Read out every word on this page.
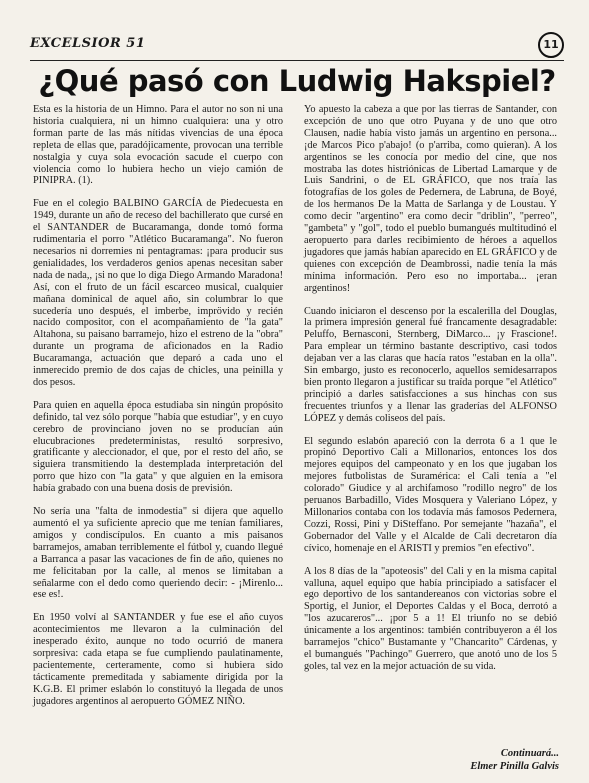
EXCELSIOR 51	11
¿Qué pasó con Ludwig Hakspiel?

Esta es la historia de un Himno. Para el autor no son ni una historia cualquiera, ni un himno cualquiera: una y otro forman parte de las más nítidas vivencias de una época repleta de ellas que, paradójicamente, provocan una terrible nostalgia y cuya sola evocación sacude el cuerpo con violencia como lo hubiera hecho un viejo camión de PINIPRA. (1).

Fue en el colegio BALBINO GARCÍA de Piedecuesta en 1949, durante un año de receso del bachillerato que cursé en el SANTANDER de Bucaramanga, donde tomó forma rudimentaria el porro "Atlético Bucaramanga". No fueron necesarios ni dorremies ni pentagramas: ¡para producir sus genialidades, los verdaderos genios apenas necesitan saber nada de nada,, ¡si no que lo diga Diego Armando Maradona! Así, con el fruto de un fácil escarceo musical, cualquier mañana dominical de aquel año, sin columbrar lo que sucedería uno después, el imberbe, imprövido y recién nacido compositor, con el acompañamiento de "la gata" Altahona, su paisano barramejo, hizo el estreno de la "obra" durante un programa de aficionados en la Radio Bucaramanga, actuación que deparó a cada uno el inmerecido premio de dos cajas de chicles, una peinilla y dos pesos.

Para quien en aquella época estudiaba sin ningún propósito definido, tal vez sólo porque "había que estudiar", y en cuyo cerebro de provinciano joven no se producían aún elucubraciones predeterministas, resultó sorpresivo, gratificante y aleccionador, el que, por el resto del año, se siguiera transmitiendo la destemplada interpretación del porro que hizo con "la gata" y que alguien en la emisora había grabado con una buena dosis de previsión.

No sería una "falta de inmodestia" si dijera que aquello aumentó el ya suficiente aprecio que me tenían familiares, amigos y condiscípulos. En cuanto a mis paisanos barramejos, amaban terriblemente el fútbol y, cuando llegué a Barranca a pasar las vacaciones de fin de año, quienes no me felicitaban por la calle, al menos se limitaban a señalarme con el dedo como queriendo decir: - ¡Mirenlo... ese es!.

En 1950 volví al SANTANDER y fue ese el año cuyos acontecimientos me llevaron a la culminación del inesperado éxito, aunque no todo ocurrió de manera sorpresiva: cada etapa se fue cumpliendo paulatinamente, pacientemente, certeramente, como si hubiera sido tácticamente premeditada y sabiamente dirigida por la K.G.B. El primer eslabón lo constituyó la llegada de unos jugadores argentinos al aeropuerto GÓMEZ NIÑO.

Yo apuesto la cabeza a que por las tierras de Santander, con excepción de uno que otro Puyana y de uno que otro Clausen, nadie había visto jamás un argentino en persona... ¡de Marcos Pico p'abajo! (o p'arriba, como quieran). A los argentinos se les conocía por medio del cine, que nos mostraba las dotes histriónicas de Libertad Lamarque y de Luis Sandrini, o de EL GRÁFICO, que nos traía las fotografías de los goles de Pedernera, de Labruna, de Boyé, de los hermanos De la Matta de Sarlanga y de Loustau. Y como decir "argentino" era como decir "driblin", "perreo", "gambeta" y "gol", todo el pueblo bumangués multitudinó el aeropuerto para darles recibimiento de héroes a aquellos jugadores que jamás habían aparecido en EL GRÁFICO y de quienes con excepción de Deambrossi, nadie tenía la más mínima información. Pero eso no importaba... ¡eran argentinos!

Cuando iniciaron el descenso por la escalerilla del Douglas, la primera impresión general fué francamente desagradable: Peluffo, Bernasconi, Sternberg, DiMarco... ¡y Frascione!. Para emplear un término bastante descriptivo, casi todos dejaban ver a las claras que hacía ratos "estaban en la olla". Sin embargo, justo es reconocerlo, aquellos semidesarrapos bien pronto llegaron a justificar su traída porque "el Atlético" principió a darles satisfacciones a sus hinchas con sus frecuentes triunfos y a llenar las graderías del ALFONSO LÓPEZ y demás coliseos del país.

El segundo eslabón apareció con la derrota 6 a 1 que le propinó Deportivo Cali a Millonarios, entonces los dos mejores equipos del campeonato y en los que jugaban los mejores futbolistas de Suramérica: el Cali tenía a "el colorado" Giudice y al archifamoso "rodillo negro" de los peruanos Barbadillo, Vides Mosquera y Valeriano López, y Millonarios contaba con los todavía más famosos Pedernera, Cozzi, Rossi, Pini y DiSteffano. Por semejante "hazaña", el Gobernador del Valle y el Alcalde de Cali decretaron día cívico, homenaje en el ARISTI y premios "en efectivo".

A los 8 días de la "apoteosis" del Cali y en la misma capital valluna, aquel equipo que había principiado a satisfacer el ego deportivo de los santandereanos con victorias sobre el Sportig, el Junior, el Deportes Caldas y el Boca, derrotó a "los azucareros"... ¡por 5 a 1! El triunfo no se debió únicamente a los argentinos: también contribuyeron a él los barramejos "chico" Bustamante y "Chancarito" Cárdenas, y el bumangués "Pachingo" Guerrero, que anotó uno de los 5 goles, tal vez en la mejor actuación de su vida.

Continuará...
Elmer Pinilla Galvis
